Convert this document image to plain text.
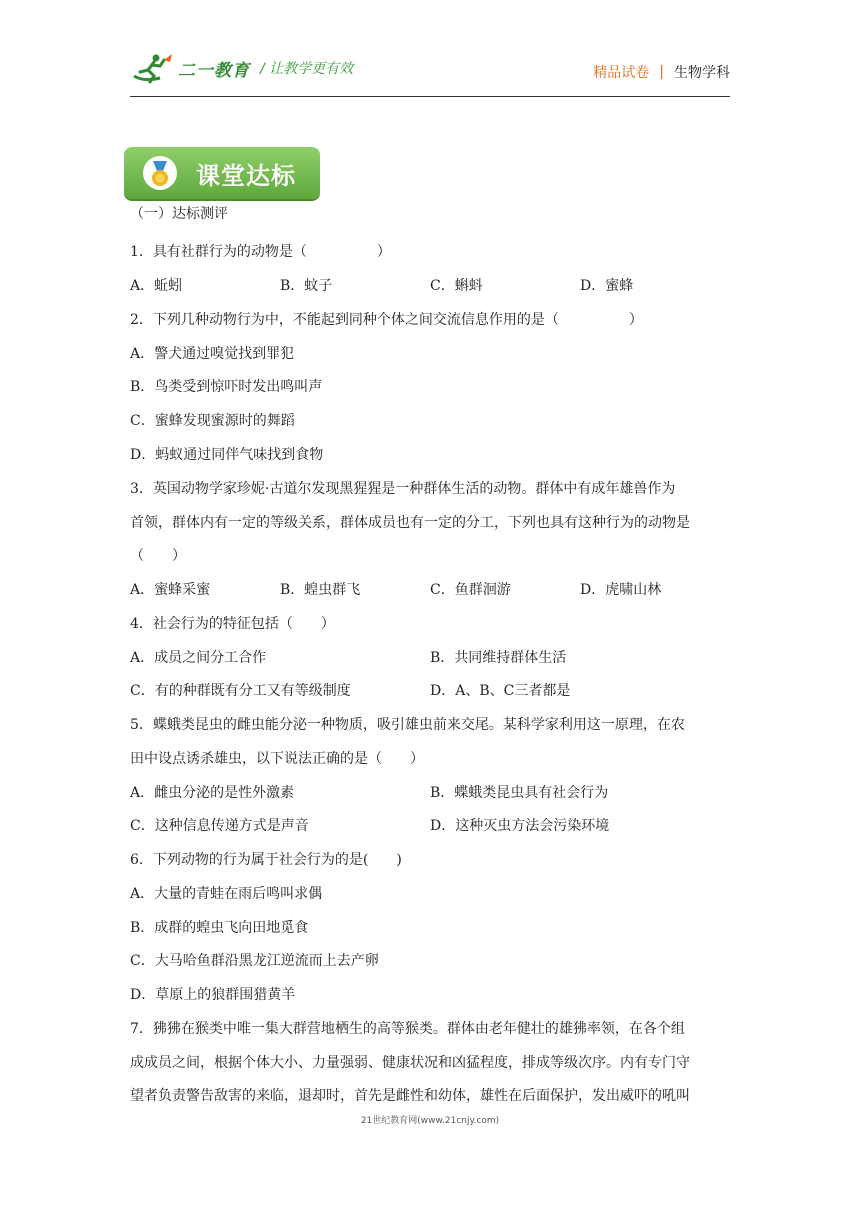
二一教育 / 让教学更有效	精品试卷 | 生物学科
课堂达标
（一）达标测评
1．具有社群行为的动物是（　　　　　）
A．蚯蚓	B．蚊子	C．蝌蚪	D．蜜蜂
2．下列几种动物行为中，不能起到同种个体之间交流信息作用的是（　　　　　）
A．警犬通过嗅觉找到罪犯
B．鸟类受到惊吓时发出鸣叫声
C．蜜蜂发现蜜源时的舞蹈
D．蚂蚁通过同伴气味找到食物
3．英国动物学家珍妮·古道尔发现黑猩猩是一种群体生活的动物。群体中有成年雄兽作为
首领，群体内有一定的等级关系，群体成员也有一定的分工，下列也具有这种行为的动物是
（　　）
A．蜜蜂采蜜	B．蝗虫群飞	C．鱼群洄游	D．虎啸山林
4．社会行为的特征包括（　　）
A．成员之间分工合作	B．共同维持群体生活
C．有的种群既有分工又有等级制度	D．A、B、C三者都是
5．蝶蛾类昆虫的雌虫能分泌一种物质，吸引雄虫前来交尾。某科学家利用这一原理，在农
田中设点诱杀雄虫，以下说法正确的是（　　）
A．雌虫分泌的是性外激素	B．蝶蛾类昆虫具有社会行为
C．这种信息传递方式是声音	D．这种灭虫方法会污染环境
6．下列动物的行为属于社会行为的是(　　)
A．大量的青蛙在雨后鸣叫求偶
B．成群的蝗虫飞向田地觅食
C．大马哈鱼群沿黑龙江逆流而上去产卵
D．草原上的狼群围猎黄羊
7．狒狒在猴类中唯一集大群营地栖生的高等猴类。群体由老年健壮的雄狒率领，在各个组
成成员之间，根据个体大小、力量强弱、健康状况和凶猛程度，排成等级次序。内有专门守
望者负责警告敌害的来临，退却时，首先是雌性和幼体，雄性在后面保护，发出威吓的吼叫
21世纪教育网(www.21cnjy.com)
